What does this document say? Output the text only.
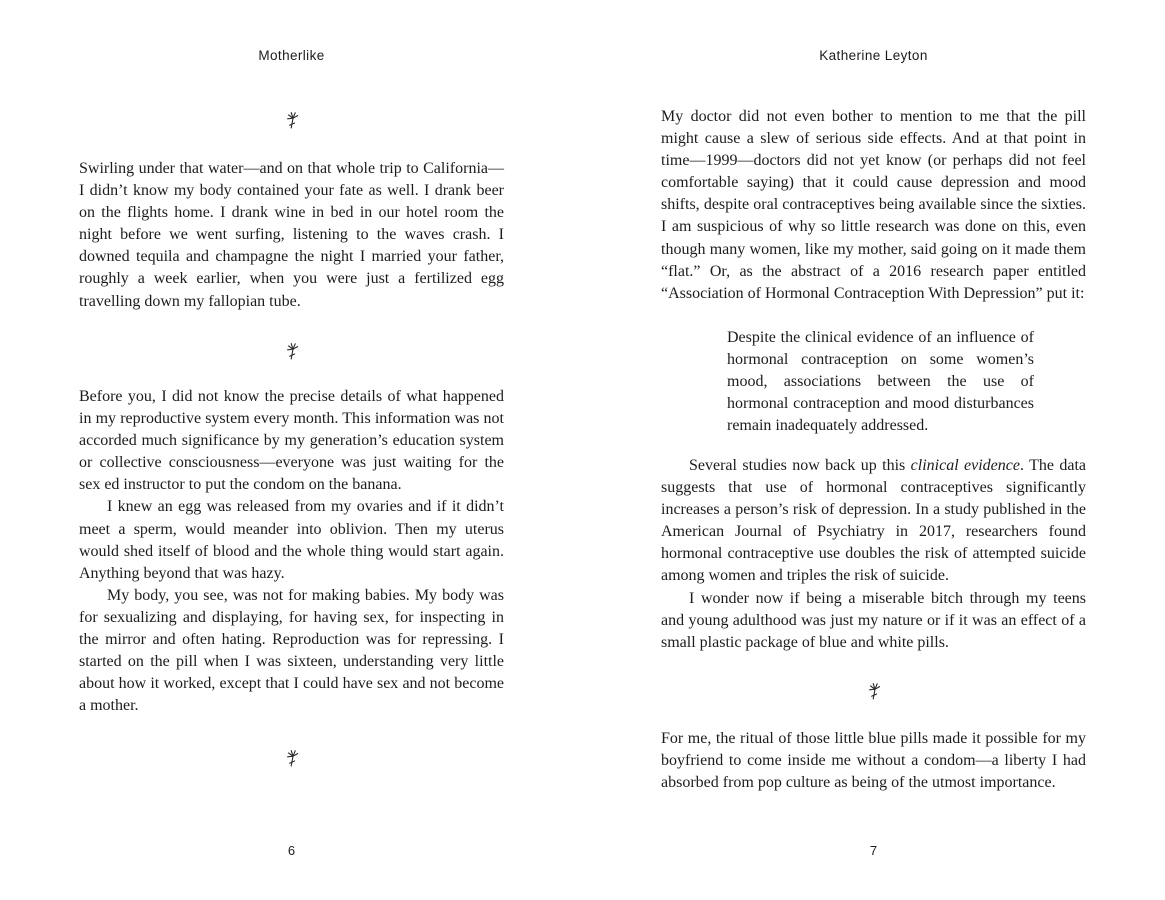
Motherlike

Swirling under that water—and on that whole trip to California—I didn’t know my body contained your fate as well. I drank beer on the flights home. I drank wine in bed in our hotel room the night before we went surfing, listening to the waves crash. I downed tequila and champagne the night I married your father, roughly a week earlier, when you were just a fertilized egg travelling down my fallopian tube.

Before you, I did not know the precise details of what happened in my reproductive system every month. This information was not accorded much significance by my generation’s education system or collective consciousness—everyone was just waiting for the sex ed instructor to put the condom on the banana.

I knew an egg was released from my ovaries and if it didn’t meet a sperm, would meander into oblivion. Then my uterus would shed itself of blood and the whole thing would start again. Anything beyond that was hazy.

My body, you see, was not for making babies. My body was for sexualizing and displaying, for having sex, for inspecting in the mirror and often hating. Reproduction was for repressing. I started on the pill when I was sixteen, understanding very little about how it worked, except that I could have sex and not become a mother.

6
Katherine Leyton

My doctor did not even bother to mention to me that the pill might cause a slew of serious side effects. And at that point in time—1999—doctors did not yet know (or perhaps did not feel comfortable saying) that it could cause depression and mood shifts, despite oral contraceptives being available since the sixties. I am suspicious of why so little research was done on this, even though many women, like my mother, said going on it made them “flat.” Or, as the abstract of a 2016 research paper entitled “Association of Hormonal Contraception With Depression” put it:

Despite the clinical evidence of an influence of hormonal contraception on some women’s mood, associations between the use of hormonal contraception and mood disturbances remain inadequately addressed.

Several studies now back up this clinical evidence. The data suggests that use of hormonal contraceptives significantly increases a person’s risk of depression. In a study published in the American Journal of Psychiatry in 2017, researchers found hormonal contraceptive use doubles the risk of attempted suicide among women and triples the risk of suicide.

I wonder now if being a miserable bitch through my teens and young adulthood was just my nature or if it was an effect of a small plastic package of blue and white pills.

For me, the ritual of those little blue pills made it possible for my boyfriend to come inside me without a condom—a liberty I had absorbed from pop culture as being of the utmost importance.

7
